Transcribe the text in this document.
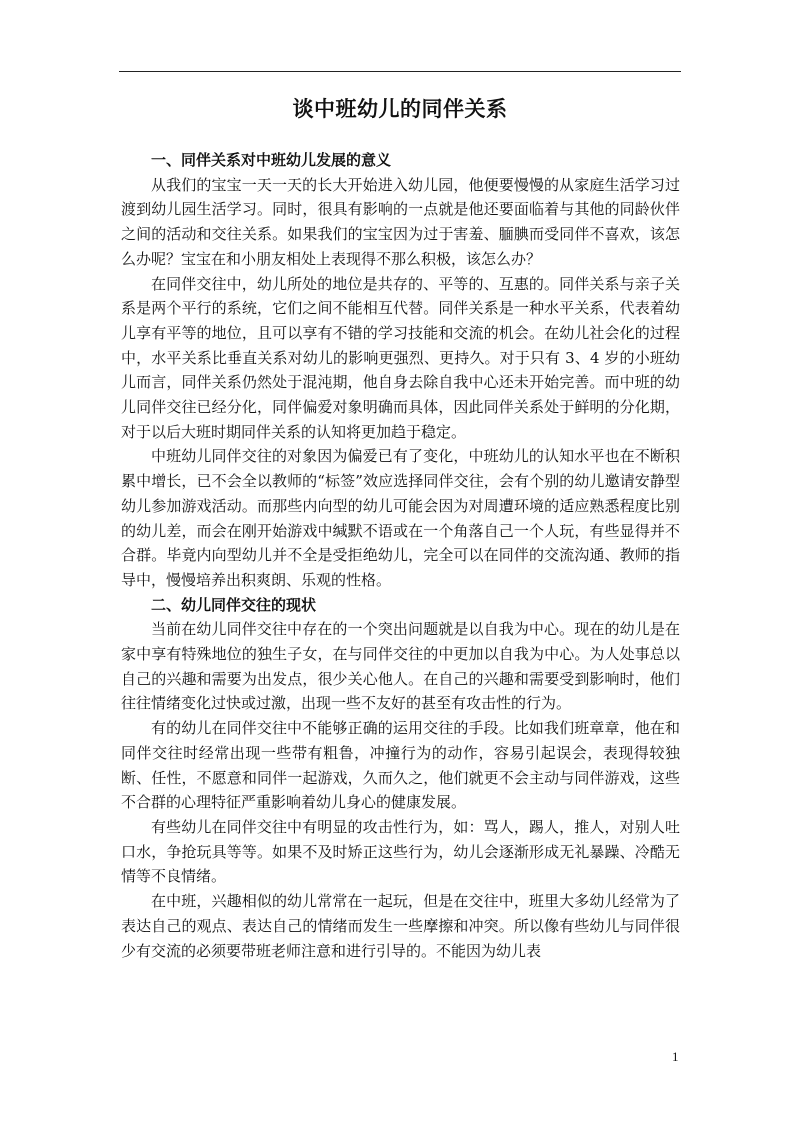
谈中班幼儿的同伴关系

一、同伴关系对中班幼儿发展的意义

从我们的宝宝一天一天的长大开始进入幼儿园，他便要慢慢的从家庭生活学习过渡到幼儿园生活学习。同时，很具有影响的一点就是他还要面临着与其他的同龄伙伴之间的活动和交往关系。如果我们的宝宝因为过于害羞、腼腆而受同伴不喜欢，该怎么办呢？宝宝在和小朋友相处上表现得不那么积极，该怎么办？

在同伴交往中，幼儿所处的地位是共存的、平等的、互惠的。同伴关系与亲子关系是两个平行的系统，它们之间不能相互代替。同伴关系是一种水平关系，代表着幼儿享有平等的地位，且可以享有不错的学习技能和交流的机会。在幼儿社会化的过程中，水平关系比垂直关系对幼儿的影响更强烈、更持久。对于只有 3、4 岁的小班幼儿而言，同伴关系仍然处于混沌期，他自身去除自我中心还未开始完善。而中班的幼儿同伴交往已经分化，同伴偏爱对象明确而具体，因此同伴关系处于鲜明的分化期，对于以后大班时期同伴关系的认知将更加趋于稳定。

中班幼儿同伴交往的对象因为偏爱已有了变化，中班幼儿的认知水平也在不断积累中增长，已不会全以教师的“标签”效应选择同伴交往，会有个别的幼儿邀请安静型幼儿参加游戏活动。而那些内向型的幼儿可能会因为对周遭环境的适应熟悉程度比别的幼儿差，而会在刚开始游戏中缄默不语或在一个角落自己一个人玩，有些显得并不合群。毕竟内向型幼儿并不全是受拒绝幼儿，完全可以在同伴的交流沟通、教师的指导中，慢慢培养出积爽朗、乐观的性格。

二、幼儿同伴交往的现状

当前在幼儿同伴交往中存在的一个突出问题就是以自我为中心。现在的幼儿是在家中享有特殊地位的独生子女，在与同伴交往的中更加以自我为中心。为人处事总以自己的兴趣和需要为出发点，很少关心他人。在自己的兴趣和需要受到影响时，他们往往情绪变化过快或过激，出现一些不友好的甚至有攻击性的行为。

有的幼儿在同伴交往中不能够正确的运用交往的手段。比如我们班章章，他在和同伴交往时经常出现一些带有粗鲁，冲撞行为的动作，容易引起误会，表现得较独断、任性，不愿意和同伴一起游戏，久而久之，他们就更不会主动与同伴游戏，这些不合群的心理特征严重影响着幼儿身心的健康发展。

有些幼儿在同伴交往中有明显的攻击性行为，如：骂人，踢人，推人，对别人吐口水，争抢玩具等等。如果不及时矫正这些行为，幼儿会逐渐形成无礼暴躁、冷酷无情等不良情绪。

在中班，兴趣相似的幼儿常常在一起玩，但是在交往中，班里大多幼儿经常为了表达自己的观点、表达自己的情绪而发生一些摩擦和冲突。所以像有些幼儿与同伴很少有交流的必须要带班老师注意和进行引导的。不能因为幼儿表

1
